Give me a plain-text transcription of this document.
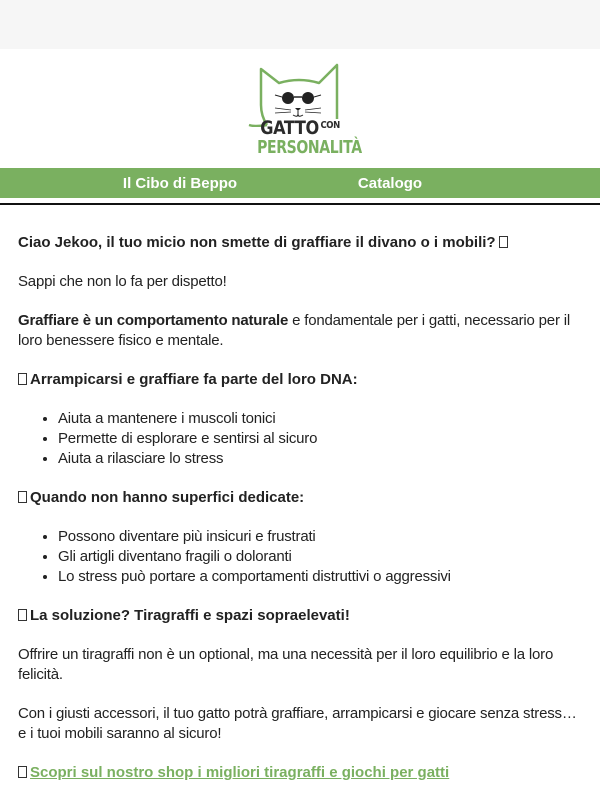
GATTO $^{CON}$
PERSONALITÀ
Il Cibo di Beppo	Catalogo

Ciao Jekoo, il tuo micio non smette di graffiare il divano o i mobili?

Sappi che non lo fa per dispetto!

Graffiare è un comportamento naturale e fondamentale per i gatti, necessario per il loro benessere fisico e mentale.

Arrampicarsi e graffiare fa parte del loro DNA:

• Aiuta a mantenere i muscoli tonici
• Permette di esplorare e sentirsi al sicuro
• Aiuta a rilasciare lo stress

Quando non hanno superfici dedicate:

• Possono diventare più insicuri e frustrati
• Gli artigli diventano fragili o doloranti
• Lo stress può portare a comportamenti distruttivi o aggressivi

La soluzione? Tiragraffi e spazi sopraelevati!

Offrire un tiragraffi non è un optional, ma una necessità per il loro equilibrio e la loro felicità.

Con i giusti accessori, il tuo gatto potrà graffiare, arrampicarsi e giocare senza stress… e i tuoi mobili saranno al sicuro!

Scopri sul nostro shop i migliori tiragraffi e giochi per gatti
